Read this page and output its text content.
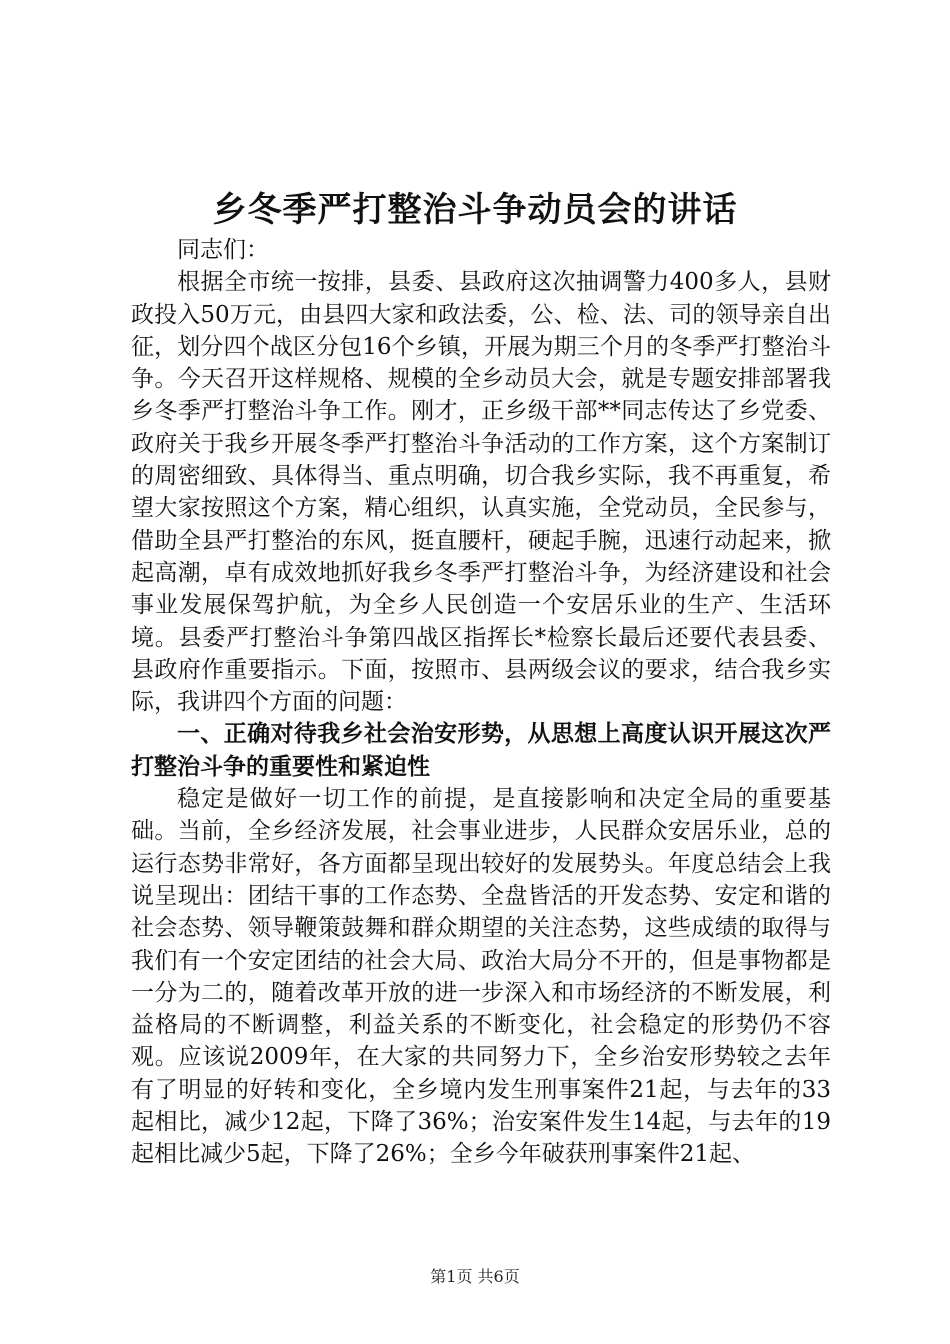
乡冬季严打整治斗争动员会的讲话

同志们：

根据全市统一按排，县委、县政府这次抽调警力400多人，县财政投入50万元，由县四大家和政法委，公、检、法、司的领导亲自出征，划分四个战区分包16个乡镇，开展为期三个月的冬季严打整治斗争。今天召开这样规格、规模的全乡动员大会，就是专题安排部署我乡冬季严打整治斗争工作。刚才，正乡级干部**同志传达了乡党委、政府关于我乡开展冬季严打整治斗争活动的工作方案，这个方案制订的周密细致、具体得当、重点明确，切合我乡实际，我不再重复，希望大家按照这个方案，精心组织，认真实施，全党动员，全民参与，借助全县严打整治的东风，挺直腰杆，硬起手腕，迅速行动起来，掀起高潮，卓有成效地抓好我乡冬季严打整治斗争，为经济建设和社会事业发展保驾护航，为全乡人民创造一个安居乐业的生产、生活环境。县委严打整治斗争第四战区指挥长*检察长最后还要代表县委、县政府作重要指示。下面，按照市、县两级会议的要求，结合我乡实际，我讲四个方面的问题：

一、正确对待我乡社会治安形势，从思想上高度认识开展这次严打整治斗争的重要性和紧迫性

稳定是做好一切工作的前提，是直接影响和决定全局的重要基础。当前，全乡经济发展，社会事业进步，人民群众安居乐业，总的运行态势非常好，各方面都呈现出较好的发展势头。年度总结会上我说呈现出：团结干事的工作态势、全盘皆活的开发态势、安定和谐的社会态势、领导鞭策鼓舞和群众期望的关注态势，这些成绩的取得与我们有一个安定团结的社会大局、政治大局分不开的，但是事物都是一分为二的，随着改革开放的进一步深入和市场经济的不断发展，利益格局的不断调整，利益关系的不断变化，社会稳定的形势仍不容观。应该说2009年，在大家的共同努力下，全乡治安形势较之去年有了明显的好转和变化，全乡境内发生刑事案件21起，与去年的33起相比，减少12起，下降了36%；治安案件发生14起，与去年的19起相比减少5起，下降了26%；全乡今年破获刑事案件21起、

第1页 共6页
